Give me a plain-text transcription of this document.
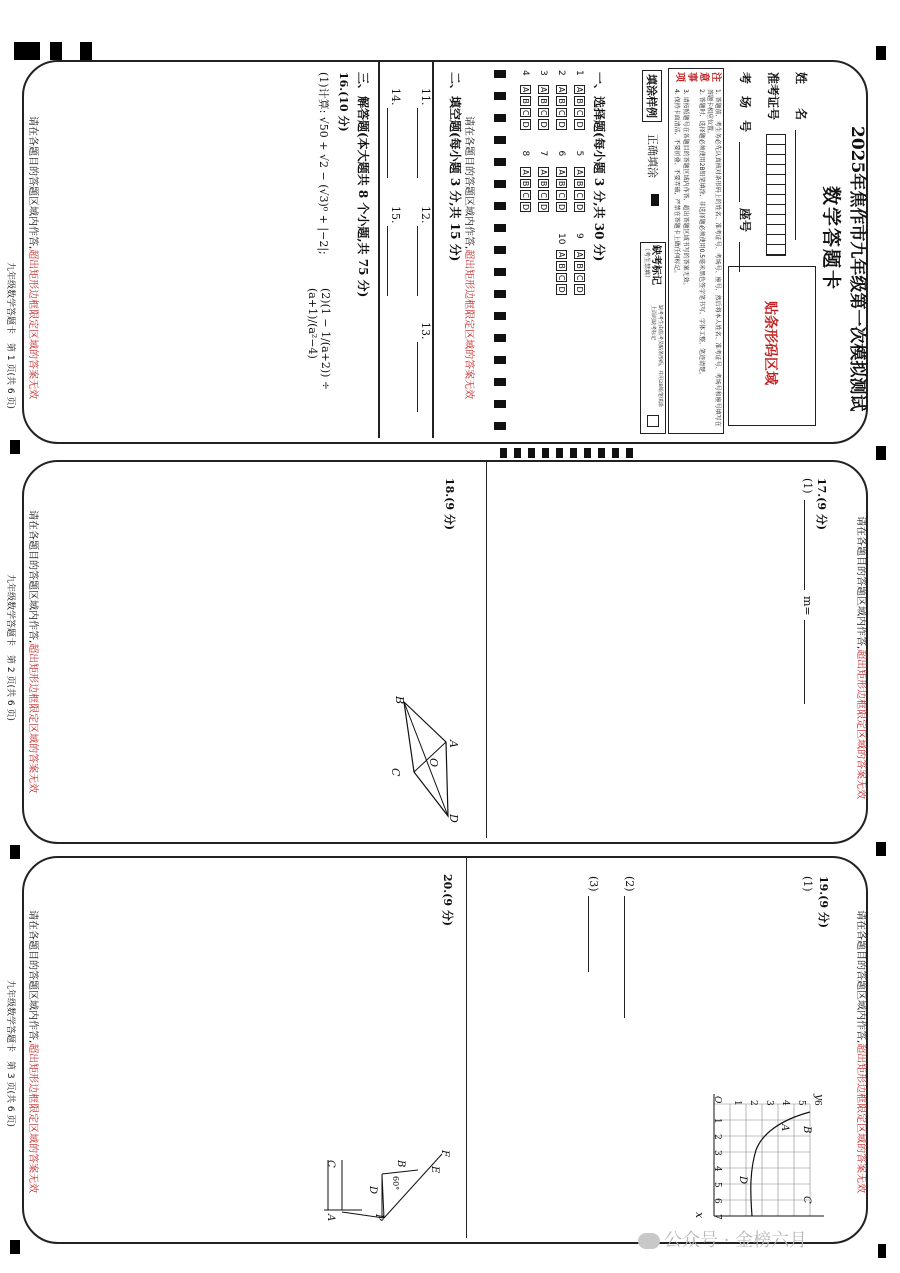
2025年焦作市九年级第一次模拟测试
数学答题卡
姓　　名
准考证号
考　场　号
座号
贴条形码区域
注意事项
1. 答题前，考生务必先认真核对条形码上的姓名、准考证号、考场号、座号，然后将本人姓名、准考证号、考场号和座号填写在答题卡相应位置。
2. 答题时，选择题必须使用2B铅笔填涂，非选择题必须使用0.5毫米黑色签字笔书写，字体工整、笔迹清楚。
3. 请按照题号在各题目的答题区域内作答，超出答题区域书写的答案无效。
4. 保持卡面清洁，不要折叠、不要弄破，严禁在答题卡上做任何标记。
填涂样例
正确填涂
缺考标记
（考生禁填）
缺考考生由监考员贴条形码，并用2B铅笔填涂上面的缺考标记
一、选择题(每小题 3 分,共 30 分)
1 ABCD 5 ABCD 9 ABCD
2 ABCD 6 ABCD 10 ABCD
3 ABCD 7 ABCD
4 ABCD 8 ABCD
二、填空题(每小题 3 分,共 15 分)
11.
12.
13.
14.
15.
三、解答题(本大题共 8 个小题,共 75 分)
16.(10 分)
(1)计算: √50 + √2 − (√3)⁰ + |−2|;
(2)(1 − 1/(a+2)) ÷ (a+1)/(a²−4)
请在各题目的答题区域内作答,超出矩形边框限定区域的答案无效
请在各题目的答题区域内作答,超出矩形边框限定区域的答案无效
九年级数学答题卡　第 1 页(共 6 页)
请在各题目的答题区域内作答,超出矩形边框限定区域的答案无效
请在各题目的答题区域内作答,超出矩形边框限定区域的答案无效
九年级数学答题卡　第 2 页(共 6 页)
17.(9 分)
(1)
m=
18.(9 分)
B
A
O
C
D
请在各题目的答题区域内作答,超出矩形边框限定区域的答案无效
请在各题目的答题区域内作答,超出矩形边框限定区域的答案无效
九年级数学答题卡　第 3 页(共 6 页)
19.(9 分)
(1)
(2)
(3)
y
x
6
5
4
3
2
1
O
1
2
3
4
5
6
7
B
C
A
D
20.(9 分)
F
E
B
D
P
C
A
60°
公众号 · 金榜六月
